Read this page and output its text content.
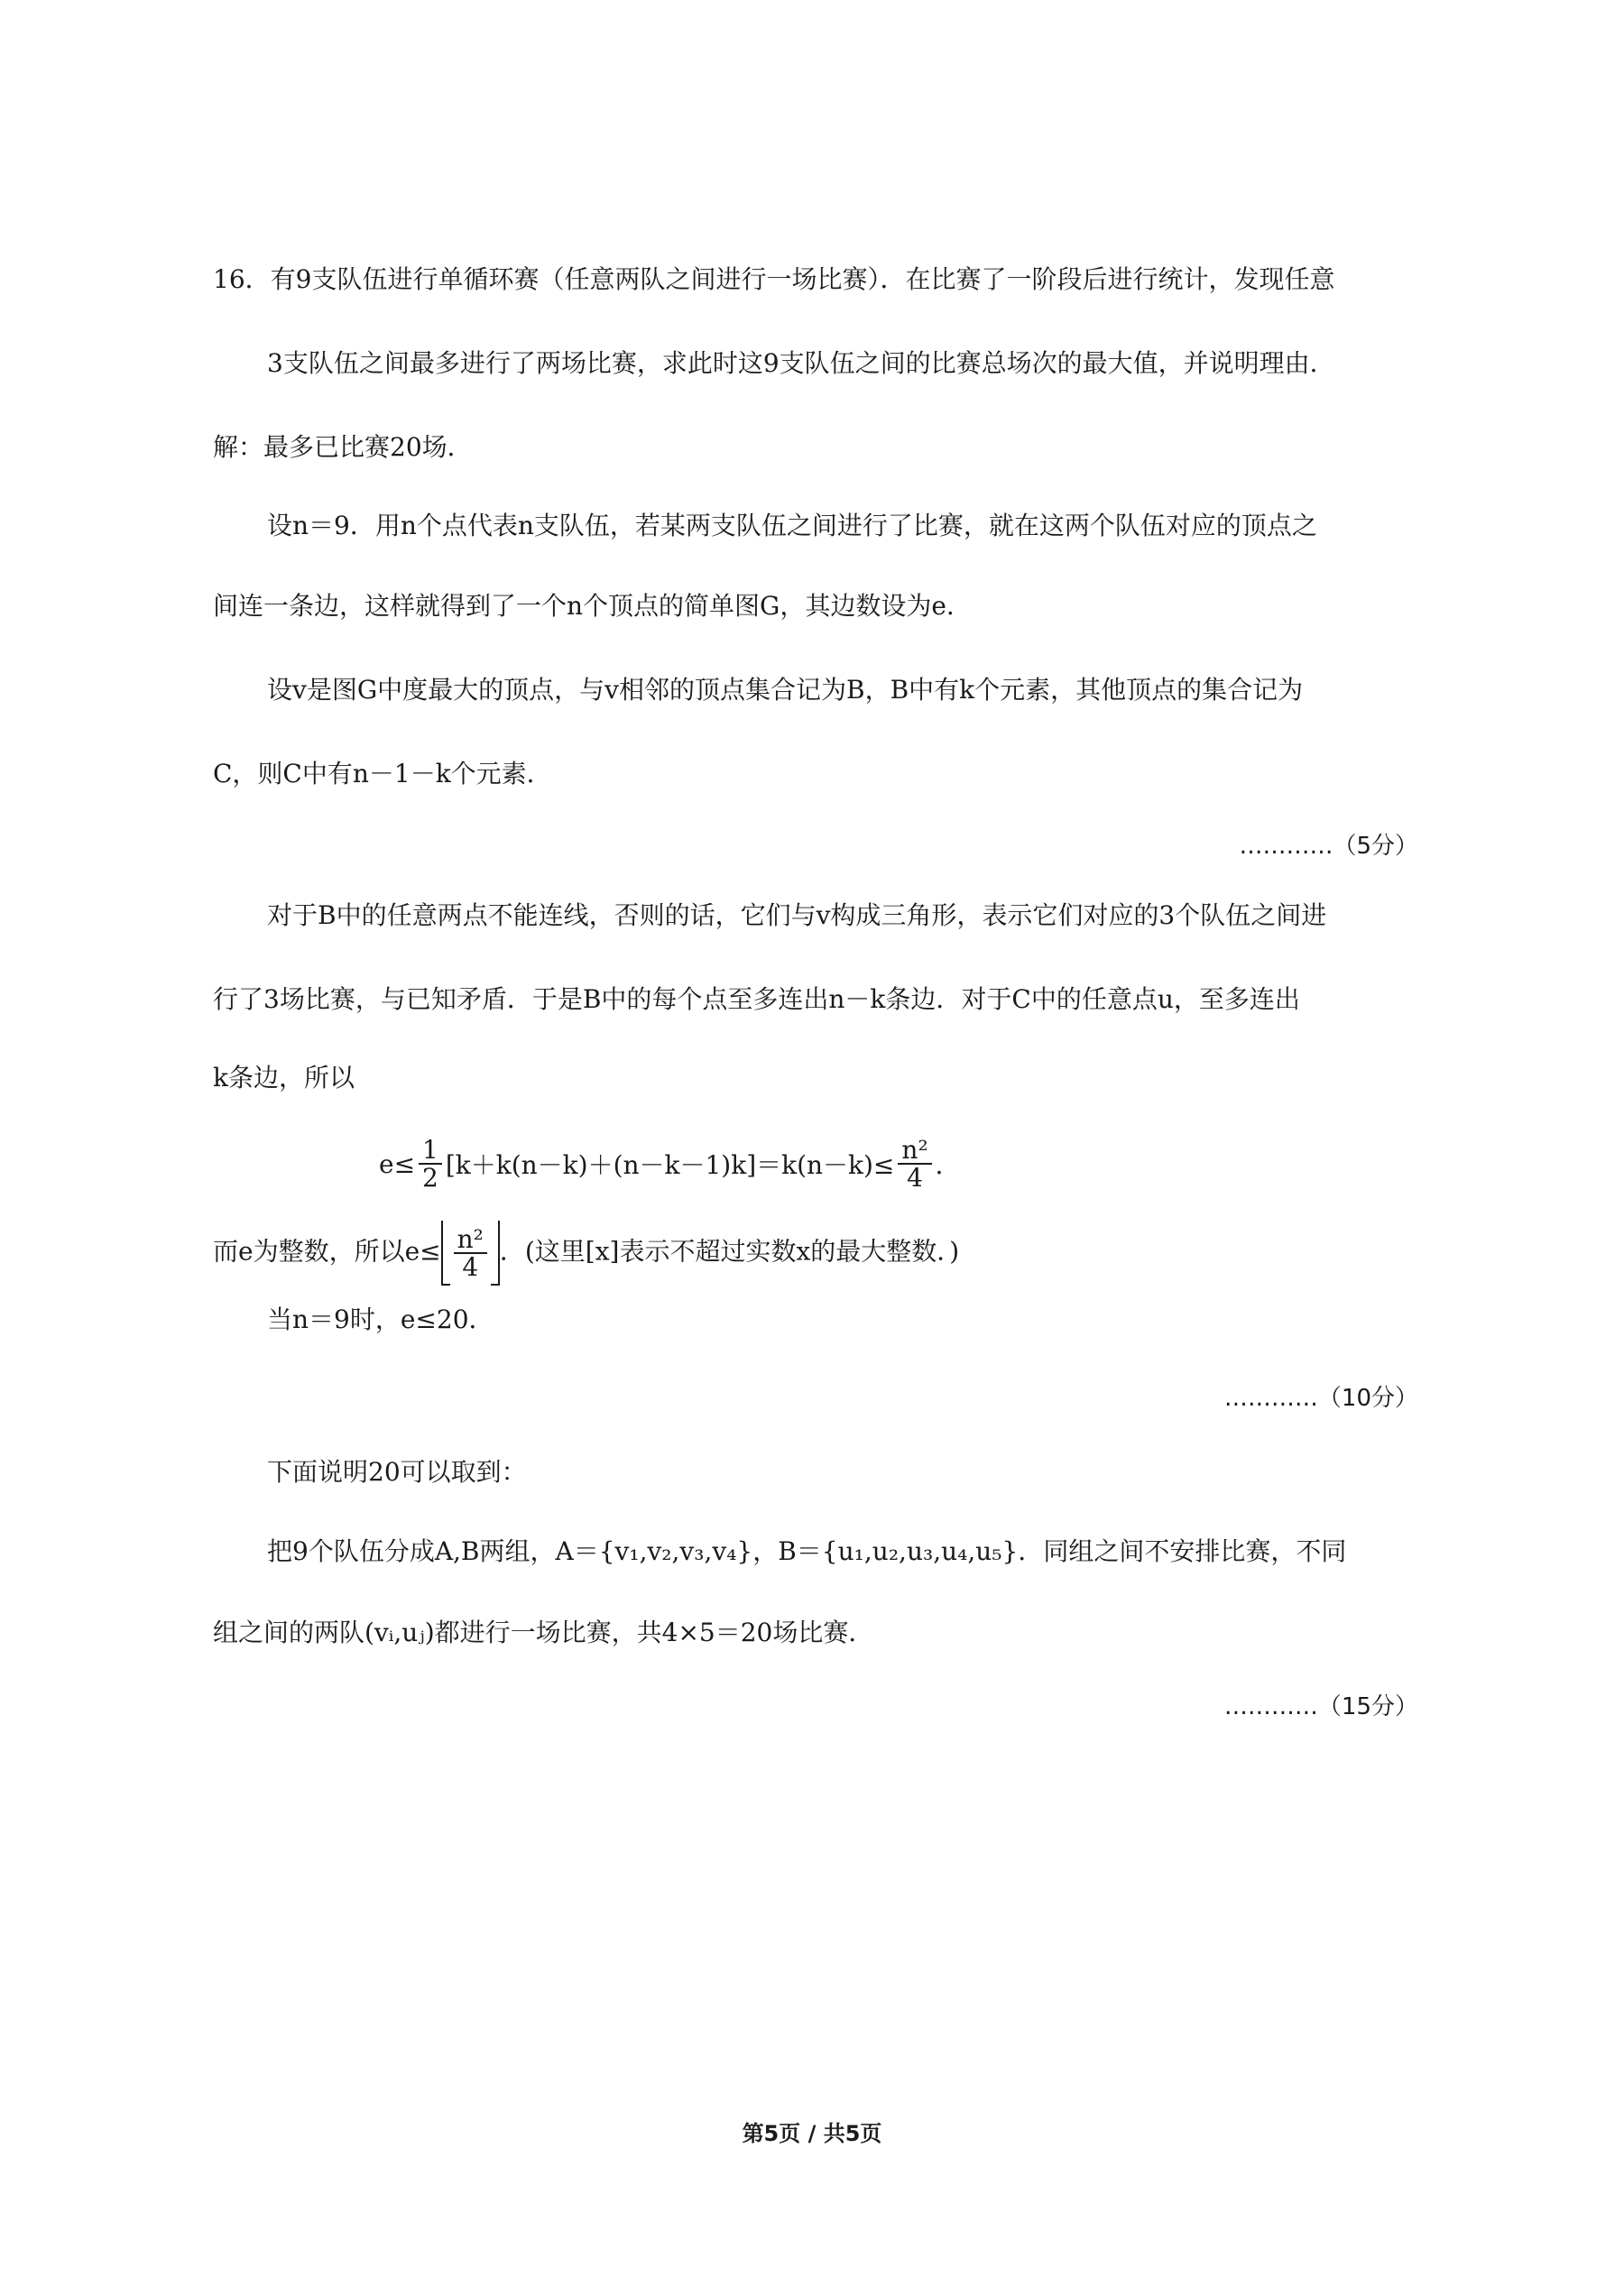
16．有9支队伍进行单循环赛（任意两队之间进行一场比赛）．在比赛了一阶段后进行统计，发现任意
3支队伍之间最多进行了两场比赛，求此时这9支队伍之间的比赛总场次的最大值，并说明理由．
解：最多已比赛20场．
设n＝9．用n个点代表n支队伍，若某两支队伍之间进行了比赛，就在这两个队伍对应的顶点之
间连一条边，这样就得到了一个n个顶点的简单图G，其边数设为e．
设v是图G中度最大的顶点，与v相邻的顶点集合记为B，B中有k个元素，其他顶点的集合记为
C，则C中有n－1－k个元素．
…………（5分）
对于B中的任意两点不能连线，否则的话，它们与v构成三角形，表示它们对应的3个队伍之间进
行了3场比赛，与已知矛盾．于是B中的每个点至多连出n－k条边．对于C中的任意点u，至多连出
k条边，所以
$e\le \frac{1}{2} [k+k(n-k)+(n-k-1)k]=k(n-k)\le \frac{\text{n²}}{4}$ ．
而e为整数，所以$e\le \frac{\text{n²}}{4}$ ．(这里[x]表示不超过实数x的最大整数．)
当n＝9时，e≤20．
…………（10分）
下面说明20可以取到：
把9个队伍分成A,B两组，A＝{v₁,v₂,v₃,v₄}，B＝{u₁,u₂,u₃,u₄,u₅}．同组之间不安排比赛，不同
组之间的两队(vᵢ,uⱼ)都进行一场比赛，共4×5＝20场比赛．
…………（15分）
第5页 / 共5页
